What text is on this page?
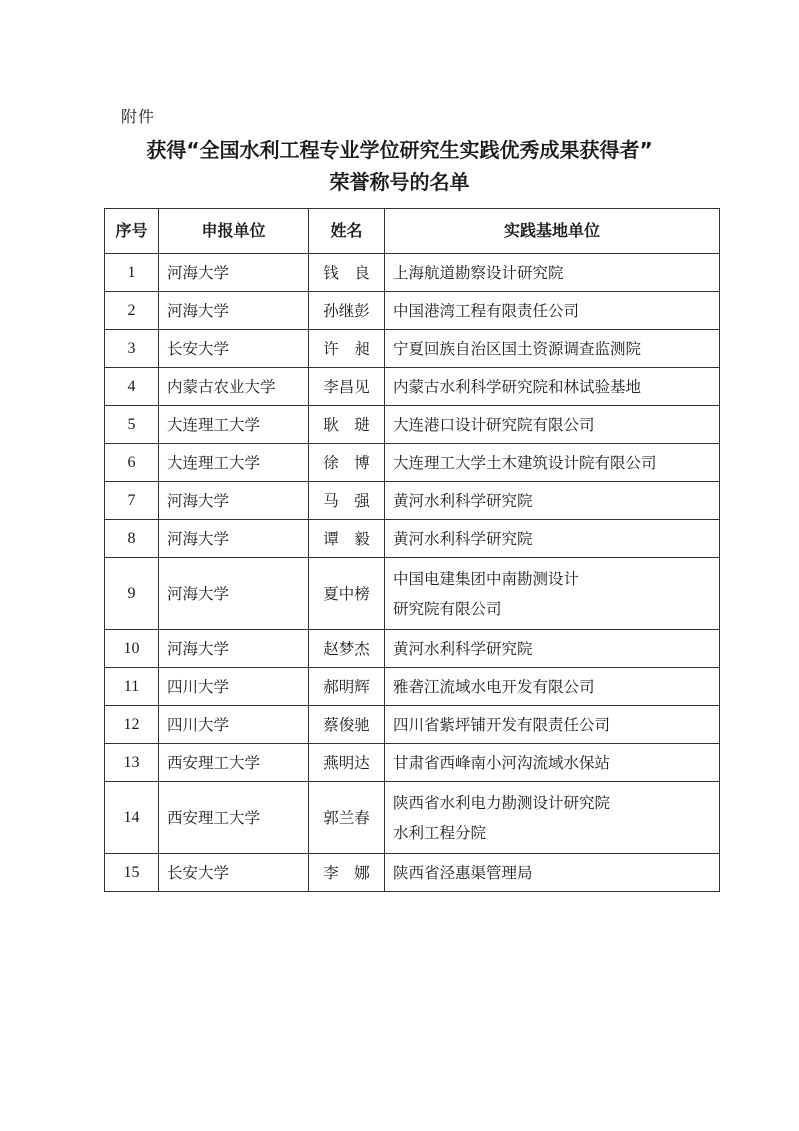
附件
获得“全国水利工程专业学位研究生实践优秀成果获得者”
荣誉称号的名单
序号	申报单位	姓名	实践基地单位
1	河海大学	钱　良	上海航道勘察设计研究院
2	河海大学	孙继彭	中国港湾工程有限责任公司
3	长安大学	许　昶	宁夏回族自治区国土资源调查监测院
4	内蒙古农业大学	李昌见	内蒙古水利科学研究院和林试验基地
5	大连理工大学	耿　琎	大连港口设计研究院有限公司
6	大连理工大学	徐　博	大连理工大学土木建筑设计院有限公司
7	河海大学	马　强	黄河水利科学研究院
8	河海大学	谭　毅	黄河水利科学研究院
9	河海大学	夏中榜	中国电建集团中南勘测设计
研究院有限公司

10	河海大学	赵梦杰	黄河水利科学研究院
11	四川大学	郝明辉	雅砻江流域水电开发有限公司
12	四川大学	蔡俊驰	四川省紫坪铺开发有限责任公司
13	西安理工大学	燕明达	甘肃省西峰南小河沟流域水保站
14	西安理工大学	郭兰春	陕西省水利电力勘测设计研究院
水利工程分院

15	长安大学	李　娜	陕西省泾惠渠管理局
